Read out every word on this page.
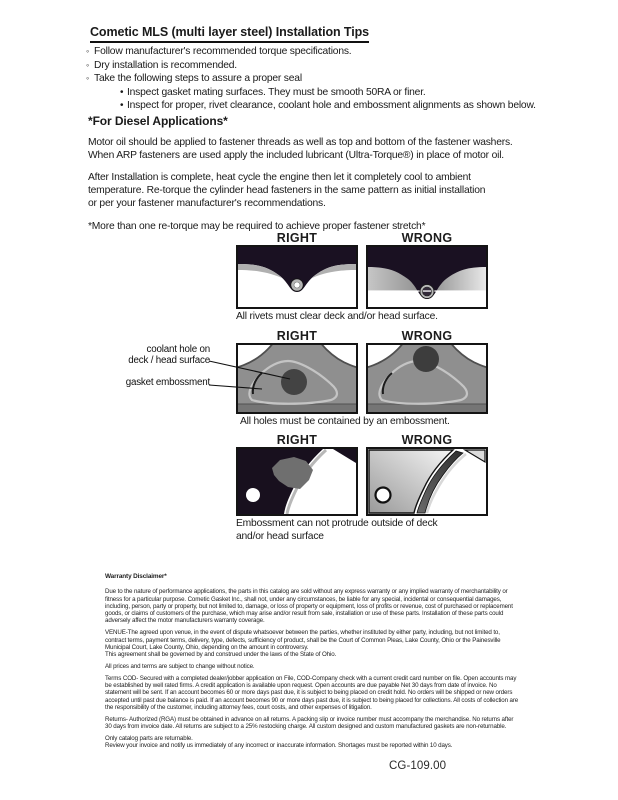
Cometic MLS (multi layer steel) Installation Tips
◦ Follow manufacturer's recommended torque specifications.
◦ Dry installation is recommended.
◦ Take the following steps to assure a proper seal
• Inspect gasket mating surfaces. They must be smooth 50RA or finer.
• Inspect for proper, rivet clearance, coolant hole and embossment alignments as shown below.
*For Diesel Applications*
Motor oil should be applied to fastener threads as well as top and bottom of the fastener washers.
When ARP fasteners are used apply the included lubricant (Ultra-Torque®) in place of motor oil.
After Installation is complete, heat cycle the engine then let it completely cool to ambient
temperature. Re-torque the cylinder head fasteners in the same pattern as initial installation
or per your fastener manufacturer's recommendations.
*More than one re-torque may be required to achieve proper fastener stretch*
RIGHT	WRONG
All rivets must clear deck and/or head surface.
RIGHT	WRONG
All holes must be contained by an embossment.
coolant hole on
deck / head surface
gasket embossment
RIGHT	WRONG
Embossment can not protrude outside of deck
and/or head surface
Warranty Disclaimer*

Due to the nature of performance applications, the parts in this catalog are sold without any express warranty or any implied warranty of merchantability or fitness for a particular purpose. Cometic Gasket Inc., shall not, under any circumstances, be liable for any special, incidental or consequential damages, including, person, party or property, but not limited to, damage, or loss of property or equipment, loss of profits or revenue, cost of purchased or replacement goods, or claims of customers of the purchase, which may arise and/or result from sale, installation or use of these parts. Installation of these parts could adversely affect the motor manufacturers warranty coverage.

VENUE-The agreed upon venue, in the event of dispute whatsoever between the parties, whether instituted by either party, including, but not limited to, contract terms, payment terms, delivery, type, defects, sufficiency of product, shall be the Court of Common Pleas, Lake County, Ohio or the Painesville Municipal Court, Lake County, Ohio, depending on the amount in controversy.

This agreement shall be governed by and construed under the laws of the State of Ohio.

All prices and terms are subject to change without notice.

Terms COD- Secured with a completed dealer/jobber application on File, COD-Company check with a current credit card number on file. Open accounts may be established by well rated firms. A credit application is available upon request. Open accounts are due payable Net 30 days from date of invoice. No statement will be sent. If an account becomes 60 or more days past due, it is subject to being placed on credit hold. No orders will be shipped or new orders accepted until past due balance is paid. If an account becomes 90 or more days past due, it is subject to being placed for collections. All costs of collection are the responsibility of the customer, including attorney fees, court costs, and other expenses of litigation.

Returns- Authorized (RGA) must be obtained in advance on all returns. A packing slip or invoice number must accompany the merchandise. No returns after 30 days from invoice date. All returns are subject to a 25% restocking charge. All custom designed and custom manufactured gaskets are non-returnable.

Only catalog parts are returnable.

Review your invoice and notify us immediately of any incorrect or inaccurate information. Shortages must be reported within 10 days.

CG-109.00
